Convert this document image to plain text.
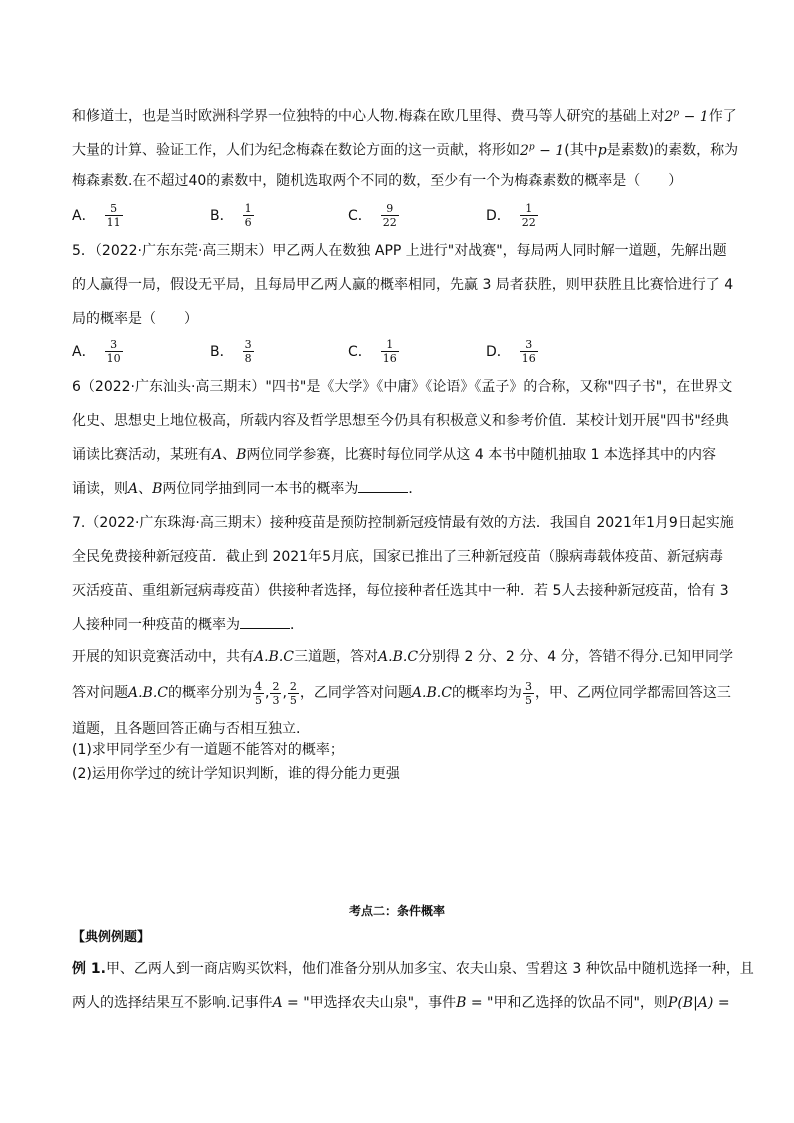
和修道士，也是当时欧洲科学界一位独特的中心人物.梅森在欧几里得、费马等人研究的基础上对$2^p - 1$作了
大量的计算、验证工作，人们为纪念梅森在数论方面的这一贡献，将形如$2^p - 1$(其中p是素数)的素数，称为
梅森素数.在不超过40的素数中，随机选取两个不同的数，至少有一个为梅森素数的概率是（　　）
A． $\frac{5}{11}$	B． $\frac{1}{6}$	C． $\frac{9}{22}$	D． $\frac{1}{22}$
5．（2022·广东东莞·高三期末）甲乙两人在数独 APP 上进行"对战赛"，每局两人同时解一道题，先解出题
的人赢得一局，假设无平局，且每局甲乙两人赢的概率相同，先赢 3 局者获胜，则甲获胜且比赛恰进行了 4
局的概率是（　　）
A． $\frac{3}{10}$	B． $\frac{3}{8}$	C． $\frac{1}{16}$	D． $\frac{3}{16}$
6（2022·广东汕头·高三期末）"四书"是《大学》《中庸》《论语》《孟子》的合称，又称"四子书"，在世界文
化史、思想史上地位极高，所载内容及哲学思想至今仍具有积极意义和参考价值．某校计划开展"四书"经典
诵读比赛活动，某班有A、B两位同学参赛，比赛时每位同学从这 4 本书中随机抽取 1 本选择其中的内容
诵读，则A、B两位同学抽到同一本书的概率为	．
7.（2022·广东珠海·高三期末）接种疫苗是预防控制新冠疫情最有效的方法．我国自 2021年1月9日起实施
全民免费接种新冠疫苗．截止到 2021年5月底，国家已推出了三种新冠疫苗（腺病毒载体疫苗、新冠病毒
灭活疫苗、重组新冠病毒疫苗）供接种者选择，每位接种者任选其中一种．若 5人去接种新冠疫苗，恰有 3
人接种同一种疫苗的概率为	．
开展的知识竞赛活动中，共有A.B.C三道题，答对A.B.C分别得 2 分、2 分、4 分，答错不得分.已知甲同学
答对问题A.B.C的概率分别为 $\frac{4}{5}$ , $\frac{2}{3}$ , $\frac{2}{5}$ ，乙同学答对问题A.B.C的概率均为 $\frac{3}{5}$ ，甲、乙两位同学都需回答这三
道题，且各题回答正确与否相互独立.
(1)求甲同学至少有一道题不能答对的概率；
(2)运用你学过的统计学知识判断，谁的得分能力更强
考点二：条件概率
【典例例题】
例 1.甲、乙两人到一商店购买饮料，他们准备分别从加多宝、农夫山泉、雪碧这 3 种饮品中随机选择一种，且
两人的选择结果互不影响.记事件A = "甲选择农夫山泉"，事件B = "甲和乙选择的饮品不同"，则P(B|A) =
